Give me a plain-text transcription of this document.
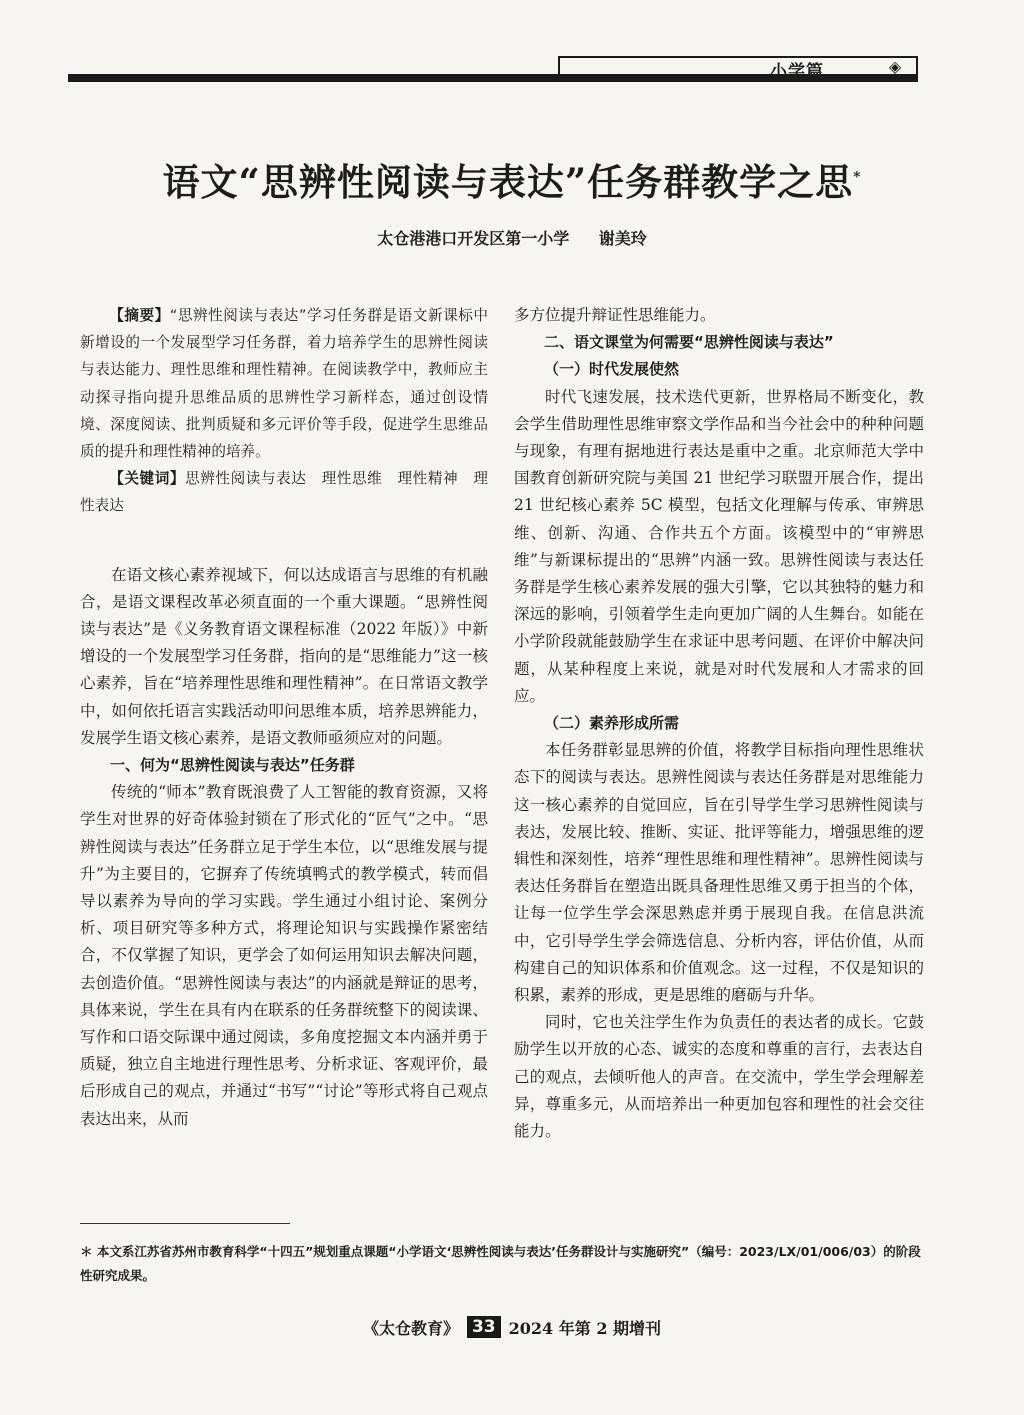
小学篇	◈
语文“思辨性阅读与表达”任务群教学之思*
太仓港港口开发区第一小学 谢美玲

【摘要】“思辨性阅读与表达”学习任务群是语文新课标中新增设的一个发展型学习任务群，着力培养学生的思辨性阅读与表达能力、理性思维和理性精神。在阅读教学中，教师应主动探寻指向提升思维品质的思辨性学习新样态，通过创设情境、深度阅读、批判质疑和多元评价等手段，促进学生思维品质的提升和理性精神的培养。

【关键词】思辨性阅读与表达　理性思维　理性精神　理性表达

在语文核心素养视域下，何以达成语言与思维的有机融合，是语文课程改革必须直面的一个重大课题。“思辨性阅读与表达”是《义务教育语文课程标准（2022 年版）》中新增设的一个发展型学习任务群，指向的是“思维能力”这一核心素养，旨在“培养理性思维和理性精神”。在日常语文教学中，如何依托语言实践活动叩问思维本质，培养思辨能力，发展学生语文核心素养，是语文教师亟须应对的问题。

一、何为“思辨性阅读与表达”任务群

传统的“师本”教育既浪费了人工智能的教育资源，又将学生对世界的好奇体验封锁在了形式化的“匠气”之中。“思辨性阅读与表达”任务群立足于学生本位，以“思维发展与提升”为主要目的，它摒弃了传统填鸭式的教学模式，转而倡导以素养为导向的学习实践。学生通过小组讨论、案例分析、项目研究等多种方式，将理论知识与实践操作紧密结合，不仅掌握了知识，更学会了如何运用知识去解决问题，去创造价值。“思辨性阅读与表达”的内涵就是辩证的思考，具体来说，学生在具有内在联系的任务群统整下的阅读课、写作和口语交际课中通过阅读，多角度挖掘文本内涵并勇于质疑，独立自主地进行理性思考、分析求证、客观评价，最后形成自己的观点，并通过“书写”“讨论”等形式将自己观点表达出来，从而

多方位提升辩证性思维能力。

二、语文课堂为何需要“思辨性阅读与表达”

（一）时代发展使然

时代飞速发展，技术迭代更新，世界格局不断变化，教会学生借助理性思维审察文学作品和当今社会中的种种问题与现象，有理有据地进行表达是重中之重。北京师范大学中国教育创新研究院与美国 21 世纪学习联盟开展合作，提出 21 世纪核心素养 5C 模型，包括文化理解与传承、审辨思维、创新、沟通、合作共五个方面。该模型中的“审辨思维”与新课标提出的“思辨”内涵一致。思辨性阅读与表达任务群是学生核心素养发展的强大引擎，它以其独特的魅力和深远的影响，引领着学生走向更加广阔的人生舞台。如能在小学阶段就能鼓励学生在求证中思考问题、在评价中解决问题，从某种程度上来说，就是对时代发展和人才需求的回应。

（二）素养形成所需

本任务群彰显思辨的价值，将教学目标指向理性思维状态下的阅读与表达。思辨性阅读与表达任务群是对思维能力这一核心素养的自觉回应，旨在引导学生学习思辨性阅读与表达，发展比较、推断、实证、批评等能力，增强思维的逻辑性和深刻性，培养“理性思维和理性精神”。思辨性阅读与表达任务群旨在塑造出既具备理性思维又勇于担当的个体，让每一位学生学会深思熟虑并勇于展现自我。在信息洪流中，它引导学生学会筛选信息、分析内容，评估价值，从而构建自己的知识体系和价值观念。这一过程，不仅是知识的积累，素养的形成，更是思维的磨砺与升华。

同时，它也关注学生作为负责任的表达者的成长。它鼓励学生以开放的心态、诚实的态度和尊重的言行，去表达自己的观点，去倾听他人的声音。在交流中，学生学会理解差异，尊重多元，从而培养出一种更加包容和理性的社会交往能力。

＊ 本文系江苏省苏州市教育科学“十四五”规划重点课题“小学语文‘思辨性阅读与表达’任务群设计与实施研究”（编号：2023/LX/01/006/03）的阶段性研究成果。
《太仓教育》 33 2024 年第 2 期增刊
